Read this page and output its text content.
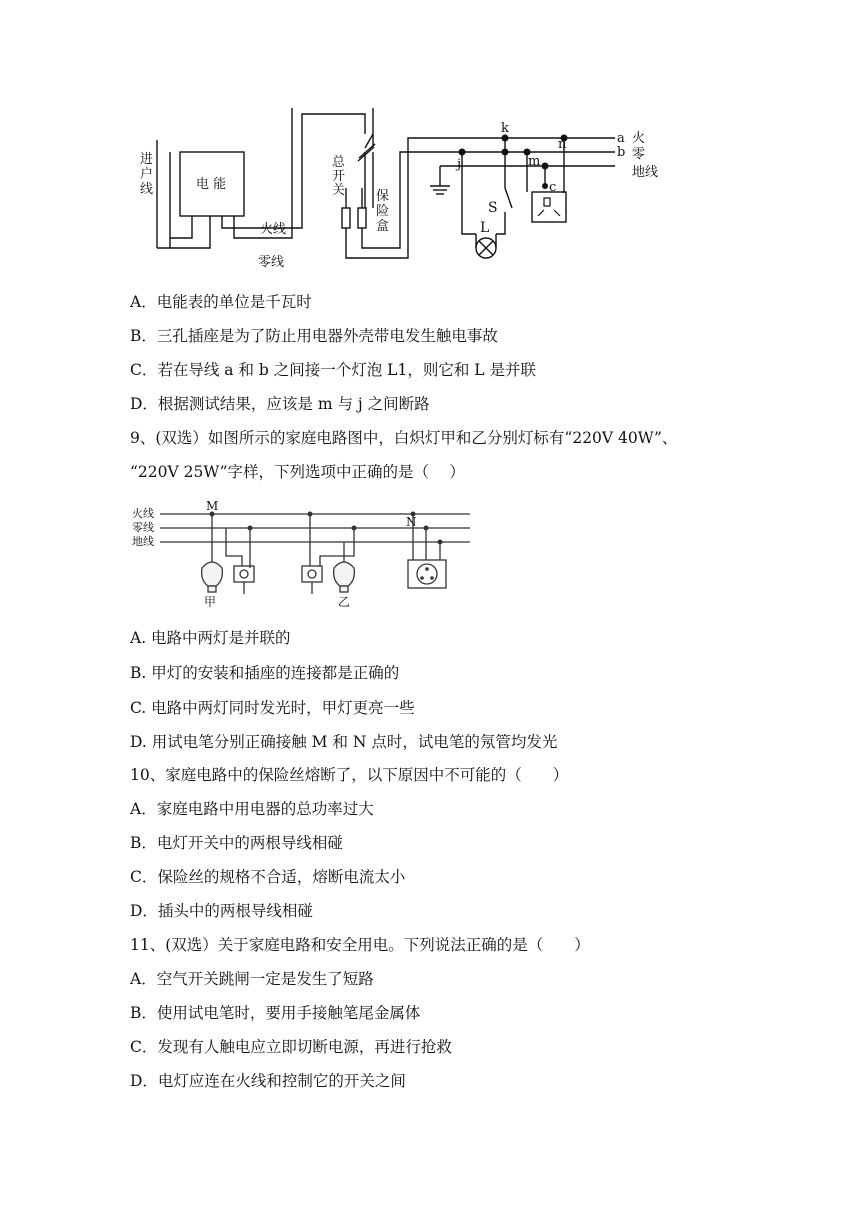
进户线	电 能
火线
零线
总开关 保险盒
k
n
j	m
c
a
b
火
零
地线
S
L
A．电能表的单位是千瓦时
B．三孔插座是为了防止用电器外壳带电发生触电事故
C．若在导线 a 和 b 之间接一个灯泡 L1，则它和 L 是并联
D．根据测试结果，应该是 m 与 j 之间断路
9、(双选）如图所示的家庭电路图中，白炽灯甲和乙分别灯标有“220V 40W”、
“220V 25W”字样，下列选项中正确的是（　 ）
火线
零线
地线
M
N
甲	乙
A. 电路中两灯是并联的
B. 甲灯的安装和插座的连接都是正确的
C. 电路中两灯同时发光时，甲灯更亮一些
D. 用试电笔分别正确接触 M 和 N 点时，试电笔的氖管均发光
10、家庭电路中的保险丝熔断了，以下原因中不可能的（　　）
A．家庭电路中用电器的总功率过大
B．电灯开关中的两根导线相碰
C．保险丝的规格不合适，熔断电流太小
D．插头中的两根导线相碰
11、(双选）关于家庭电路和安全用电。下列说法正确的是（　　）
A．空气开关跳闸一定是发生了短路
B．使用试电笔时，要用手接触笔尾金属体
C．发现有人触电应立即切断电源，再进行抢救
D．电灯应连在火线和控制它的开关之间
